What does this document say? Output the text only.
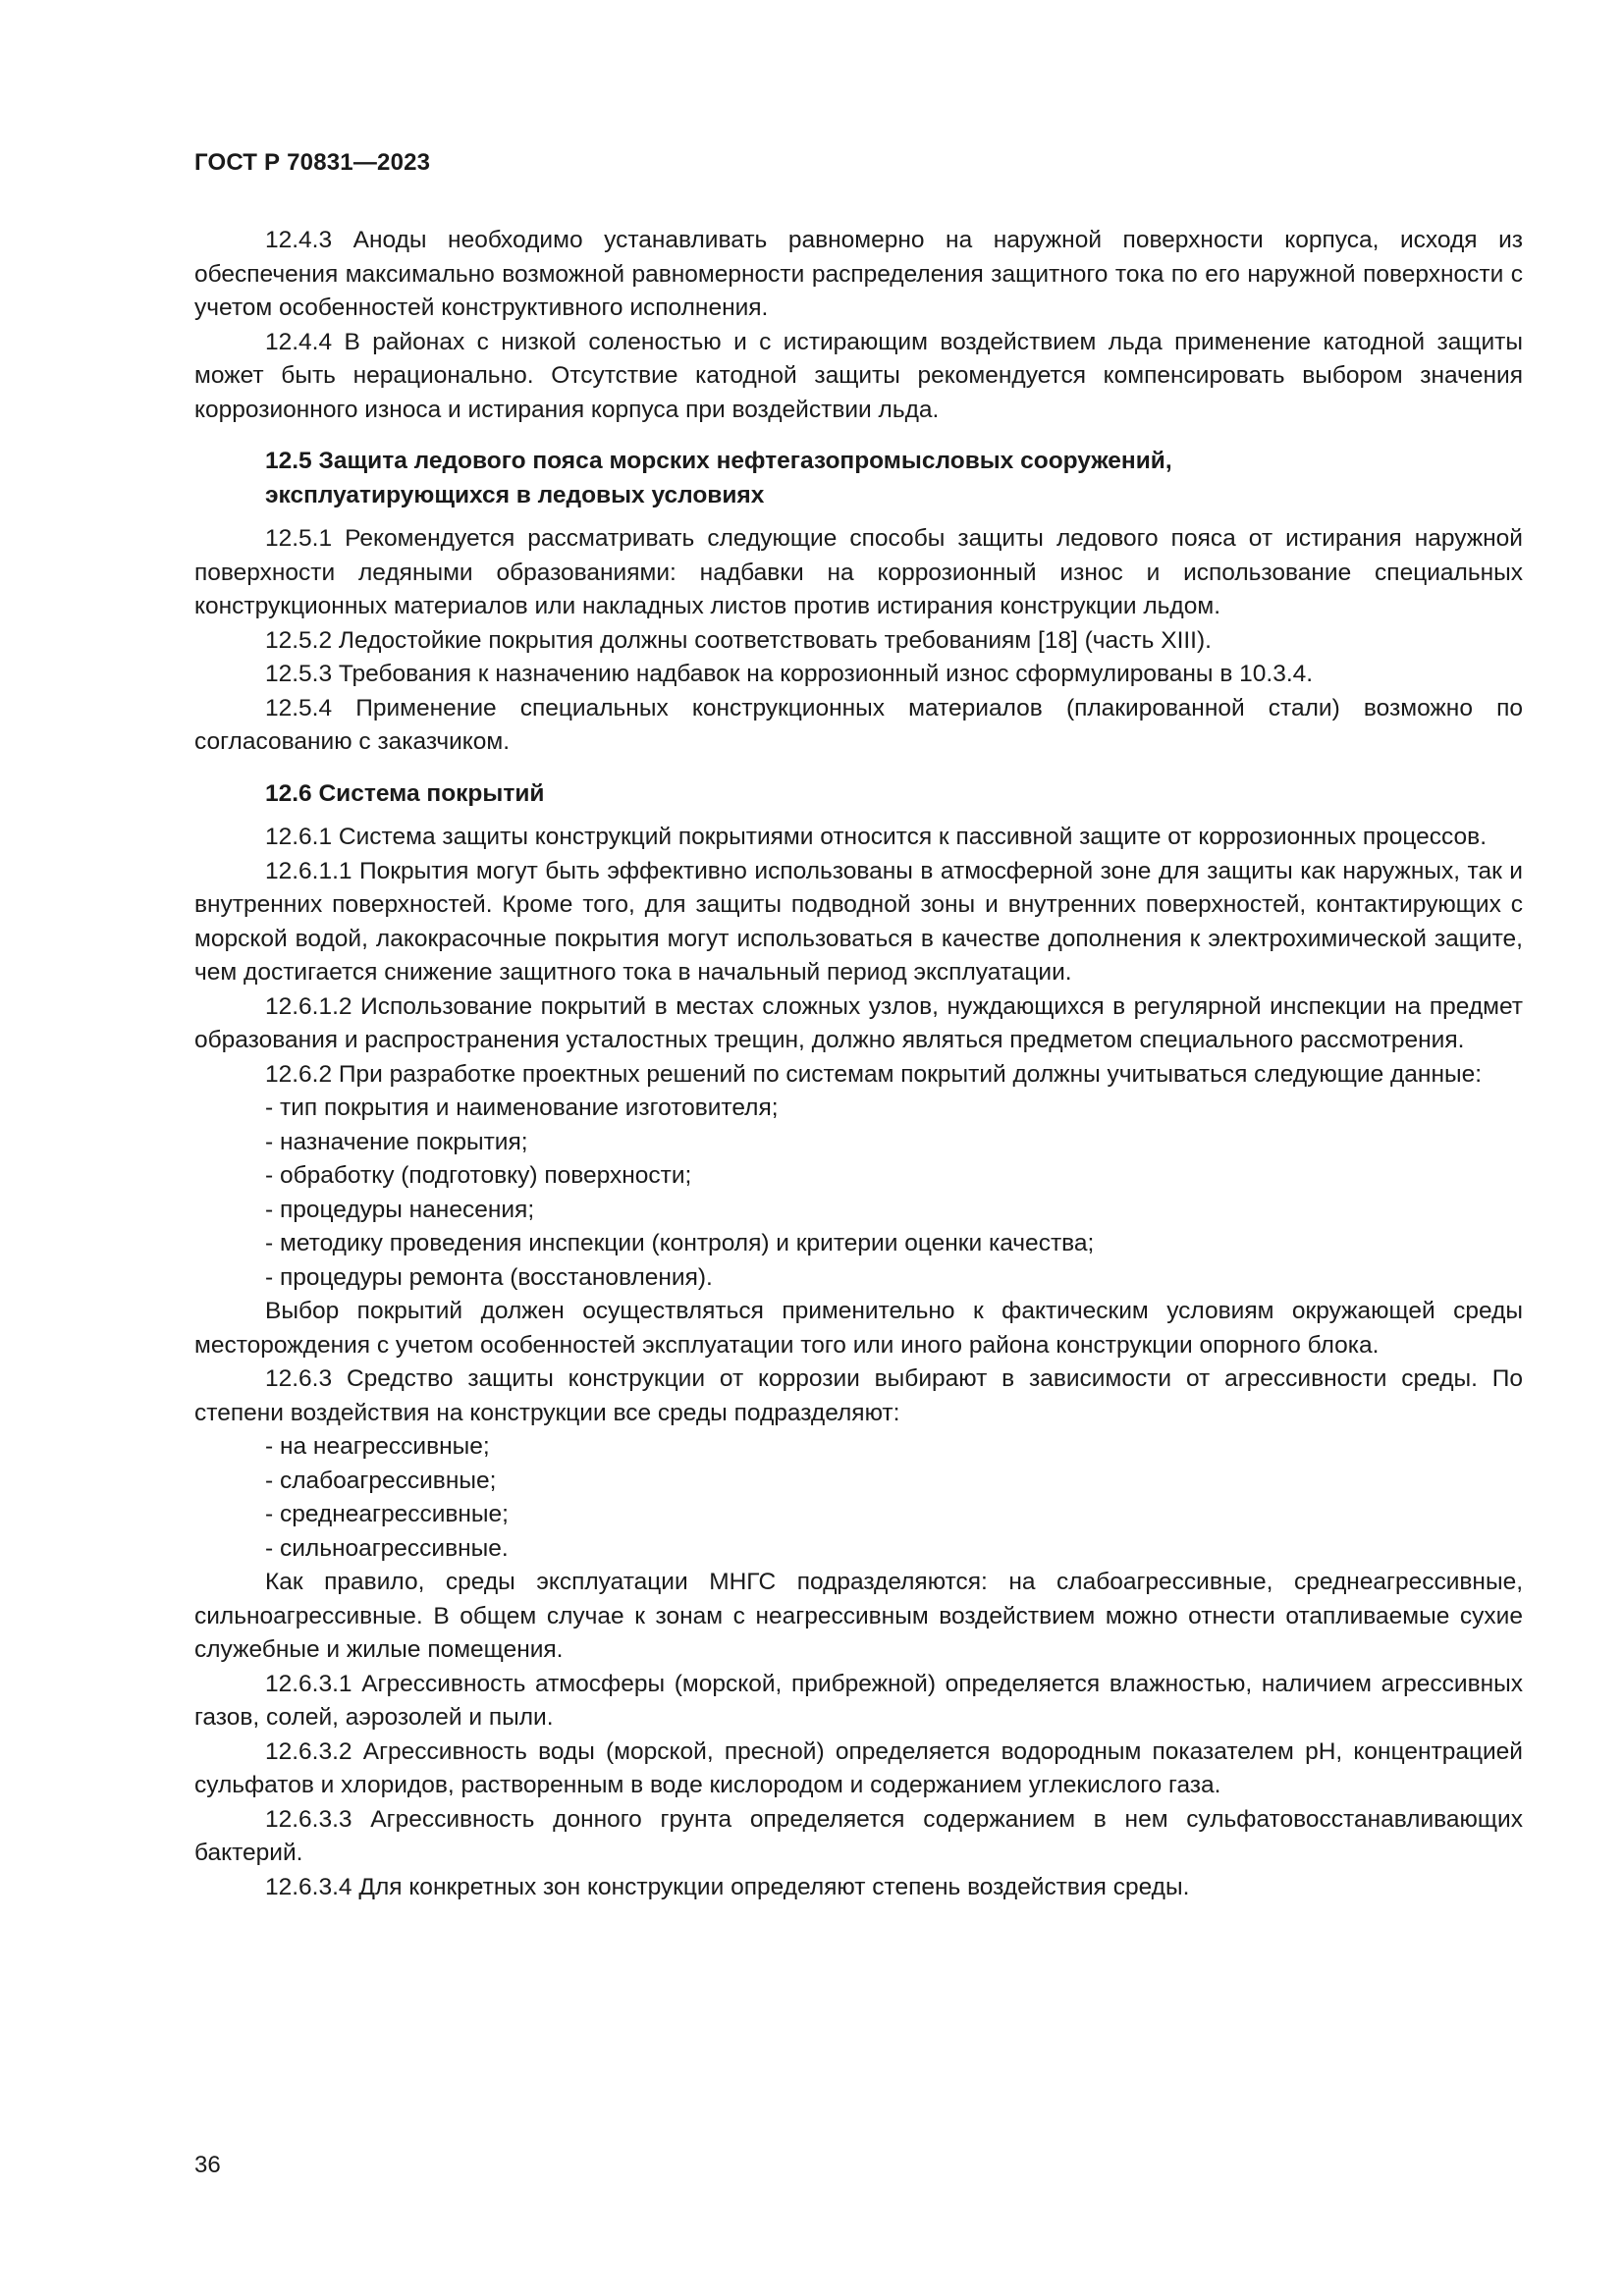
ГОСТ Р 70831—2023

12.4.3 Аноды необходимо устанавливать равномерно на наружной поверхности корпуса, исходя из обеспечения максимально возможной равномерности распределения защитного тока по его наружной поверхности с учетом особенностей конструктивного исполнения.

12.4.4 В районах с низкой соленостью и с истирающим воздействием льда применение катодной защиты может быть нерационально. Отсутствие катодной защиты рекомендуется компенсировать выбором значения коррозионного износа и истирания корпуса при воздействии льда.

12.5 Защита ледового пояса морских нефтегазопромысловых сооружений,

эксплуатирующихся в ледовых условиях

12.5.1 Рекомендуется рассматривать следующие способы защиты ледового пояса от истирания наружной поверхности ледяными образованиями: надбавки на коррозионный износ и использование специальных конструкционных материалов или накладных листов против истирания конструкции льдом.

12.5.2 Ледостойкие покрытия должны соответствовать требованиям [18] (часть XIII).

12.5.3 Требования к назначению надбавок на коррозионный износ сформулированы в 10.3.4.

12.5.4 Применение специальных конструкционных материалов (плакированной стали) возможно по согласованию с заказчиком.

12.6 Система покрытий

12.6.1 Система защиты конструкций покрытиями относится к пассивной защите от коррозионных процессов.

12.6.1.1 Покрытия могут быть эффективно использованы в атмосферной зоне для защиты как наружных, так и внутренних поверхностей. Кроме того, для защиты подводной зоны и внутренних поверхностей, контактирующих с морской водой, лакокрасочные покрытия могут использоваться в качестве дополнения к электрохимической защите, чем достигается снижение защитного тока в начальный период эксплуатации.

12.6.1.2 Использование покрытий в местах сложных узлов, нуждающихся в регулярной инспекции на предмет образования и распространения усталостных трещин, должно являться предметом специального рассмотрения.

12.6.2 При разработке проектных решений по системам покрытий должны учитываться следующие данные:

- тип покрытия и наименование изготовителя;

- назначение покрытия;

- обработку (подготовку) поверхности;

- процедуры нанесения;

- методику проведения инспекции (контроля) и критерии оценки качества;

- процедуры ремонта (восстановления).

Выбор покрытий должен осуществляться применительно к фактическим условиям окружающей среды месторождения с учетом особенностей эксплуатации того или иного района конструкции опорного блока.

12.6.3 Средство защиты конструкции от коррозии выбирают в зависимости от агрессивности среды. По степени воздействия на конструкции все среды подразделяют:

- на неагрессивные;

- слабоагрессивные;

- среднеагрессивные;

- сильноагрессивные.

Как правило, среды эксплуатации МНГС подразделяются: на слабоагрессивные, среднеагрессивные, сильноагрессивные. В общем случае к зонам с неагрессивным воздействием можно отнести отапливаемые сухие служебные и жилые помещения.

12.6.3.1 Агрессивность атмосферы (морской, прибрежной) определяется влажностью, наличием агрессивных газов, солей, аэрозолей и пыли.

12.6.3.2 Агрессивность воды (морской, пресной) определяется водородным показателем pH, концентрацией сульфатов и хлоридов, растворенным в воде кислородом и содержанием углекислого газа.

12.6.3.3 Агрессивность донного грунта определяется содержанием в нем сульфатовосстанавливающих бактерий.

12.6.3.4 Для конкретных зон конструкции определяют степень воздействия среды.

36
